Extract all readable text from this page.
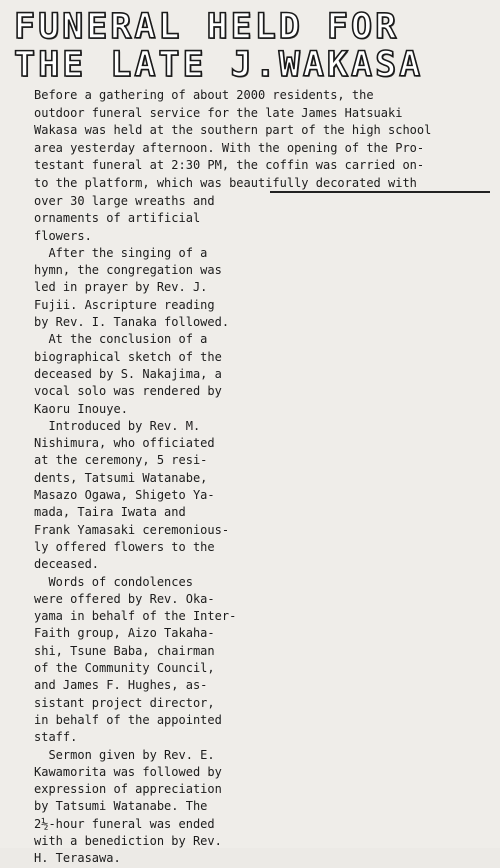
FUNERAL HELD FOR
THE LATE J.WAKASA
Before a gathering of about 2000 residents, the
outdoor funeral service for the late James Hatsuaki
Wakasa was held at the southern part of the high school
area yesterday afternoon. With the opening of the Pro-
testant funeral at 2:30 PM, the coffin was carried on-
to the platform, which was beautifully decorated with
over 30 large wreaths and
ornaments of artificial
flowers.
After the singing of a
hymn, the congregation was
led in prayer by Rev. J.
Fujii. Ascripture reading
by Rev. I. Tanaka followed.
At the conclusion of a
biographical sketch of the
deceased by S. Nakajima, a
vocal solo was rendered by
Kaoru Inouye.
Introduced by Rev. M.
Nishimura, who officiated
at the ceremony, 5 resi-
dents, Tatsumi Watanabe,
Masazo Ogawa, Shigeto Ya-
mada, Taira Iwata and
Frank Yamasaki ceremonious-
ly offered flowers to the
deceased.
Words of condolences
were offered by Rev. Oka-
yama in behalf of the Inter-
Faith group, Aizo Takaha-
shi, Tsune Baba, chairman
of the Community Council,
and James F. Hughes, as-
sistant project director,
in behalf of the appointed
staff.
Sermon given by Rev. E.
Kawamorita was followed by
expression of appreciation
by Tatsumi Watanabe. The
2½-hour funeral was ended
with a benediction by Rev.
H. Terasawa.
